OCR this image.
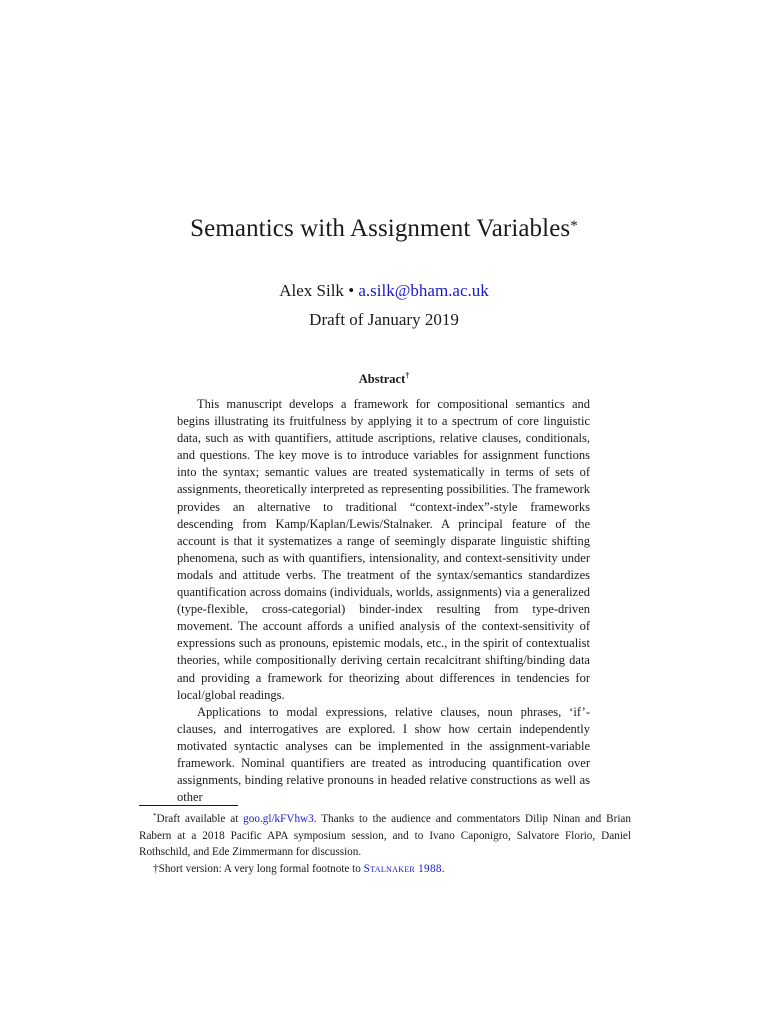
Semantics with Assignment Variables*
Alex Silk • a.silk@bham.ac.uk
Draft of January 2019
Abstract†

This manuscript develops a framework for compositional semantics and begins illustrating its fruitfulness by applying it to a spectrum of core linguistic data, such as with quantifiers, attitude ascriptions, relative clauses, conditionals, and questions. The key move is to introduce variables for assignment functions into the syntax; semantic values are treated systematically in terms of sets of assignments, theoretically interpreted as representing possibilities. The framework provides an alternative to traditional “context-index”-style frameworks descending from Kamp/Kaplan/Lewis/Stalnaker. A principal feature of the account is that it systematizes a range of seemingly disparate linguistic shifting phenomena, such as with quantifiers, intensionality, and context-sensitivity under modals and attitude verbs. The treatment of the syntax/semantics standardizes quantification across domains (individuals, worlds, assignments) via a generalized (type-flexible, cross-categorial) binder-index resulting from type-driven movement. The account affords a unified analysis of the context-sensitivity of expressions such as pronouns, epistemic modals, etc., in the spirit of contextualist theories, while compositionally deriving certain recalcitrant shifting/binding data and providing a framework for theorizing about differences in tendencies for local/global readings.

Applications to modal expressions, relative clauses, noun phrases, ‘if’-clauses, and interrogatives are explored. I show how certain independently motivated syntactic analyses can be implemented in the assignment-variable framework. Nominal quantifiers are treated as introducing quantification over assignments, binding relative pronouns in headed relative constructions as well as other

*Draft available at goo.gl/kFVhw3. Thanks to the audience and commentators Dilip Ninan and Brian Rabern at a 2018 Pacific APA symposium session, and to Ivano Caponigro, Salvatore Florio, Daniel Rothschild, and Ede Zimmermann for discussion.

†Short version: A very long formal footnote to Stalnaker 1988.
